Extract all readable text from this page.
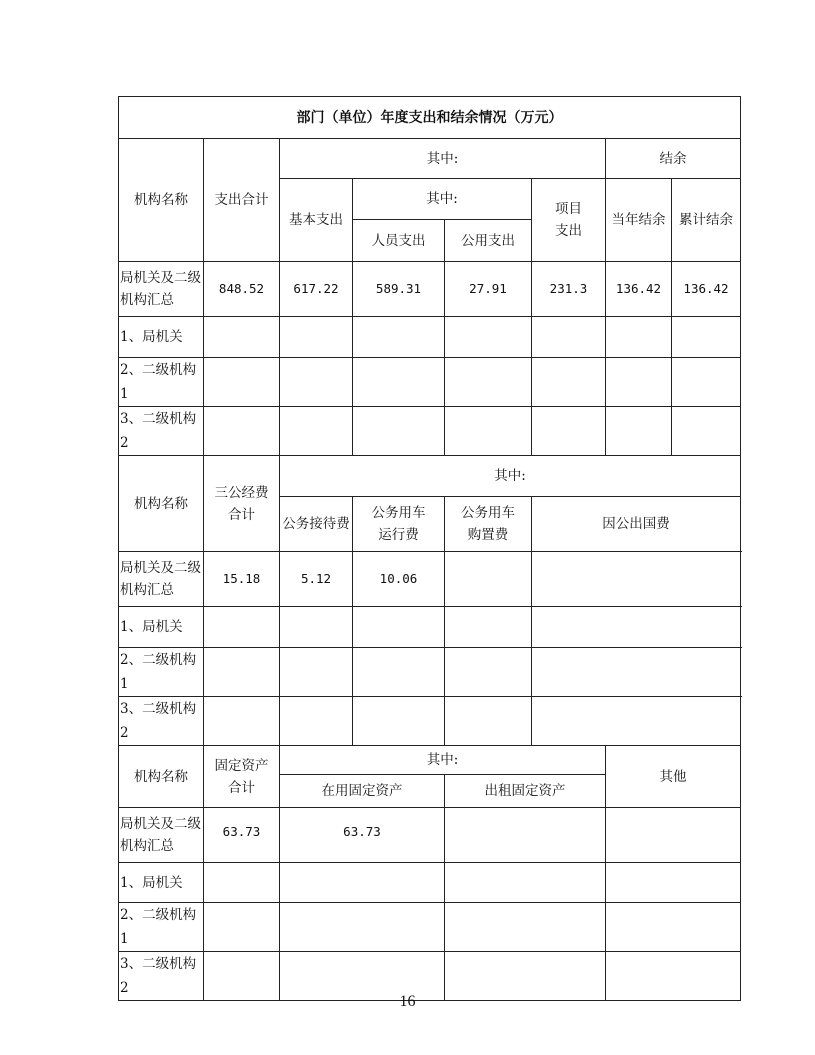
部门（单位）年度支出和结余情况（万元）							
机构名称	支出合计	其中:				结余	
		基本支出	其中:		项目支出	当年结余	累计结余
			人员支出	公用支出			
局机关及二级机构汇总	848.52	617.22	589.31	27.91	231.3	136.42	136.42
1、局机关							
2、二级机构1							
3、二级机构2							
机构名称	三公经费合计	其中:					
		公务接待费	公务用车运行费	公务用车购置费	因公出国费		
局机关及二级机构汇总	15.18	5.12	10.06				
1、局机关							
2、二级机构1							
3、二级机构2							
机构名称	固定资产合计	其中:				其他	
		在用固定资产		出租固定资产			
局机关及二级机构汇总	63.73	63.73					
1、局机关							
2、二级机构1							
3、二级机构2							
16
